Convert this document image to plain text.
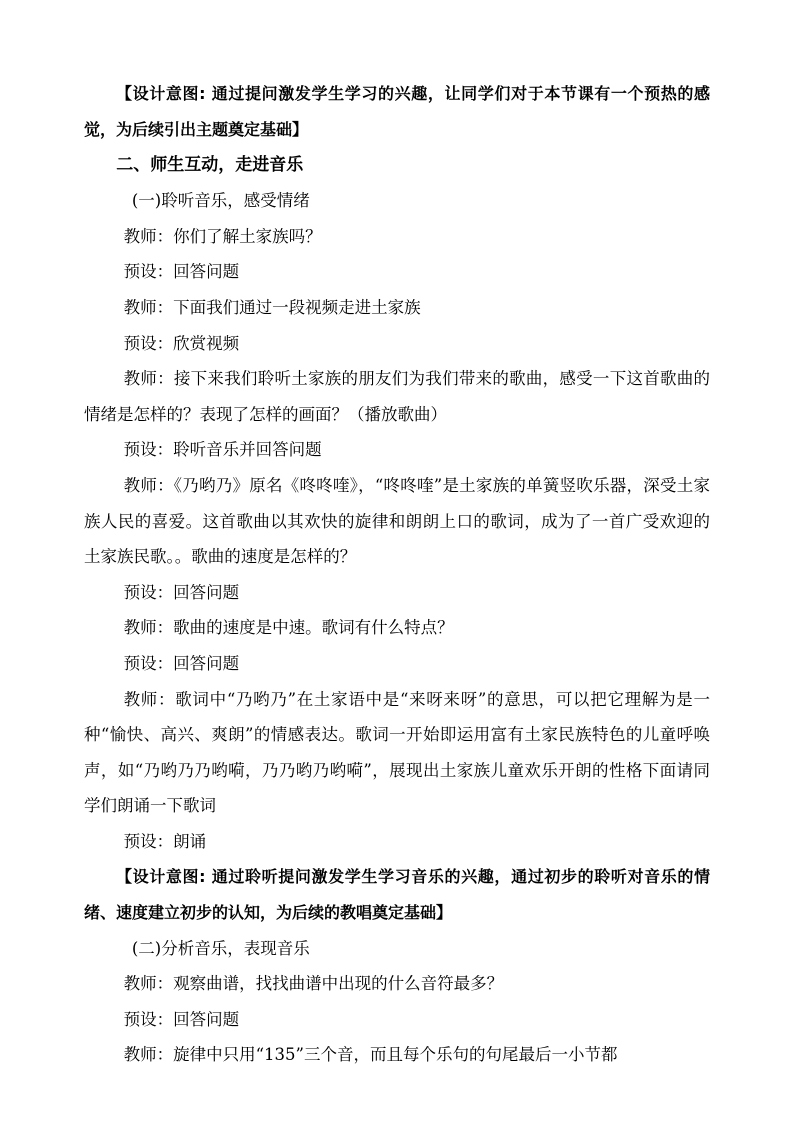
【设计意图: 通过提问激发学生学习的兴趣，让同学们对于本节课有一个预热的感觉，为后续引出主题奠定基础】

二、师生互动，走进音乐

(一)聆听音乐，感受情绪

教师：你们了解土家族吗？

预设：回答问题

教师：下面我们通过一段视频走进土家族

预设：欣赏视频

教师：接下来我们聆听土家族的朋友们为我们带来的歌曲，感受一下这首歌曲的情绪是怎样的？表现了怎样的画面？（播放歌曲）

预设：聆听音乐并回答问题

教师：《乃哟乃》原名《咚咚喹》，“咚咚喹”是土家族的单簧竖吹乐器，深受土家族人民的喜爱。这首歌曲以其欢快的旋律和朗朗上口的歌词，成为了一首广受欢迎的土家族民歌。。歌曲的速度是怎样的？

预设：回答问题

教师：歌曲的速度是中速。歌词有什么特点？

预设：回答问题

教师：歌词中“乃哟乃”在土家语中是“来呀来呀”的意思，可以把它理解为是一种“愉快、高兴、爽朗”的情感表达。歌词一开始即运用富有土家民族特色的儿童呼唤声，如“乃哟乃乃哟嗬，乃乃哟乃哟嗬”，展现出土家族儿童欢乐开朗的性格下面请同学们朗诵一下歌词

预设：朗诵

【设计意图: 通过聆听提问激发学生学习音乐的兴趣，通过初步的聆听对音乐的情绪、速度建立初步的认知，为后续的教唱奠定基础】

(二)分析音乐，表现音乐

教师：观察曲谱，找找曲谱中出现的什么音符最多？

预设：回答问题

教师：旋律中只用“135”三个音，而且每个乐句的句尾最后一小节都
